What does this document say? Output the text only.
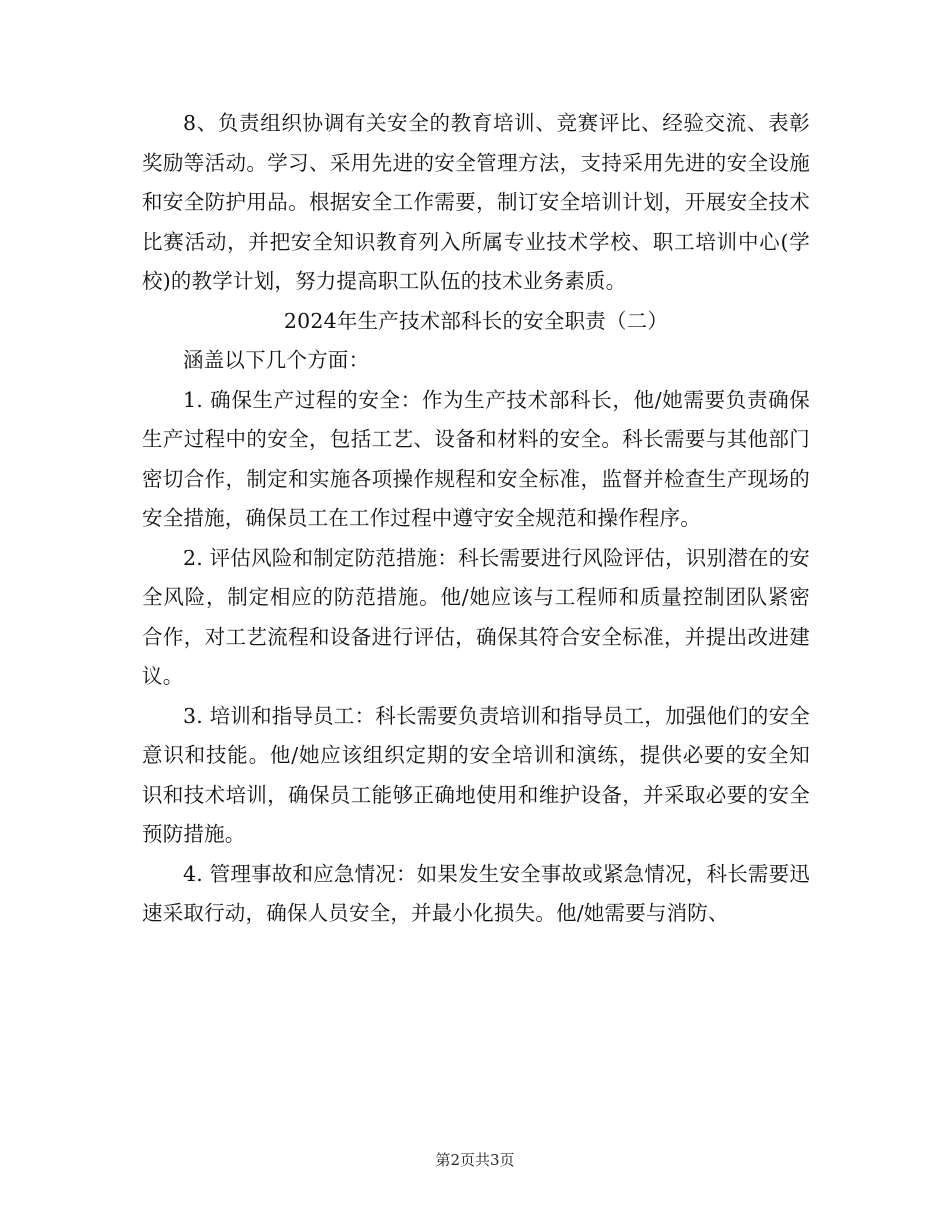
8、负责组织协调有关安全的教育培训、竞赛评比、经验交流、表彰奖励等活动。学习、采用先进的安全管理方法，支持采用先进的安全设施和安全防护用品。根据安全工作需要，制订安全培训计划，开展安全技术比赛活动，并把安全知识教育列入所属专业技术学校、职工培训中心(学校)的教学计划，努力提高职工队伍的技术业务素质。

2024年生产技术部科长的安全职责（二）

涵盖以下几个方面：

1. 确保生产过程的安全：作为生产技术部科长，他/她需要负责确保生产过程中的安全，包括工艺、设备和材料的安全。科长需要与其他部门密切合作，制定和实施各项操作规程和安全标准，监督并检查生产现场的安全措施，确保员工在工作过程中遵守安全规范和操作程序。

2. 评估风险和制定防范措施：科长需要进行风险评估，识别潜在的安全风险，制定相应的防范措施。他/她应该与工程师和质量控制团队紧密合作，对工艺流程和设备进行评估，确保其符合安全标准，并提出改进建议。

3. 培训和指导员工：科长需要负责培训和指导员工，加强他们的安全意识和技能。他/她应该组织定期的安全培训和演练，提供必要的安全知识和技术培训，确保员工能够正确地使用和维护设备，并采取必要的安全预防措施。

4. 管理事故和应急情况：如果发生安全事故或紧急情况，科长需要迅速采取行动，确保人员安全，并最小化损失。他/她需要与消防、

第2页共3页
